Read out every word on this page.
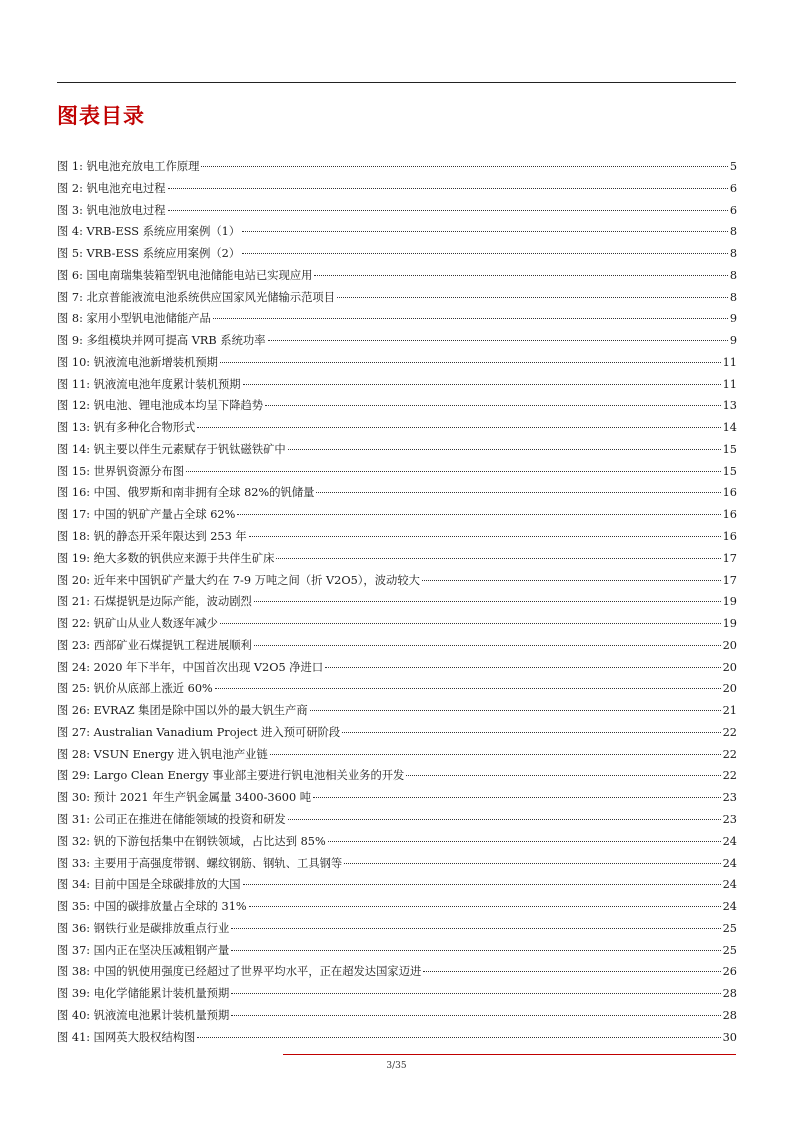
图表目录
图 1: 钒电池充放电工作原理	5
图 2: 钒电池充电过程	6
图 3: 钒电池放电过程	6
图 4: VRB-ESS 系统应用案例（1）	8
图 5: VRB-ESS 系统应用案例（2）	8
图 6: 国电南瑞集装箱型钒电池储能电站已实现应用	8
图 7: 北京普能液流电池系统供应国家风光储输示范项目	8
图 8: 家用小型钒电池储能产品	9
图 9: 多组模块并网可提高 VRB 系统功率	9
图 10: 钒液流电池新增装机预期	11
图 11: 钒液流电池年度累计装机预期	11
图 12: 钒电池、锂电池成本均呈下降趋势	13
图 13: 钒有多种化合物形式	14
图 14: 钒主要以伴生元素赋存于钒钛磁铁矿中	15
图 15: 世界钒资源分布图	15
图 16: 中国、俄罗斯和南非拥有全球 82%的钒储量	16
图 17: 中国的钒矿产量占全球 62%	16
图 18: 钒的静态开采年限达到 253 年	16
图 19: 绝大多数的钒供应来源于共伴生矿床	17
图 20: 近年来中国钒矿产量大约在 7-9 万吨之间（折 V2O5），波动较大	17
图 21: 石煤提钒是边际产能，波动剧烈	19
图 22: 钒矿山从业人数逐年减少	19
图 23: 西部矿业石煤提钒工程进展顺利	20
图 24: 2020 年下半年，中国首次出现 V2O5 净进口	20
图 25: 钒价从底部上涨近 60%	20
图 26: EVRAZ 集团是除中国以外的最大钒生产商	21
图 27: Australian Vanadium Project 进入预可研阶段	22
图 28: VSUN Energy 进入钒电池产业链	22
图 29: Largo Clean Energy 事业部主要进行钒电池相关业务的开发	22
图 30: 预计 2021 年生产钒金属量 3400-3600 吨	23
图 31: 公司正在推进在储能领域的投资和研发	23
图 32: 钒的下游包括集中在钢铁领域，占比达到 85%	24
图 33: 主要用于高强度带钢、螺纹钢筋、钢轨、工具钢等	24
图 34: 目前中国是全球碳排放的大国	24
图 35: 中国的碳排放量占全球的 31%	24
图 36: 钢铁行业是碳排放重点行业	25
图 37: 国内正在坚决压减粗钢产量	25
图 38: 中国的钒使用强度已经超过了世界平均水平，正在超发达国家迈进	26
图 39: 电化学储能累计装机量预期	28
图 40: 钒液流电池累计装机量预期	28
图 41: 国网英大股权结构图	30
3/35
